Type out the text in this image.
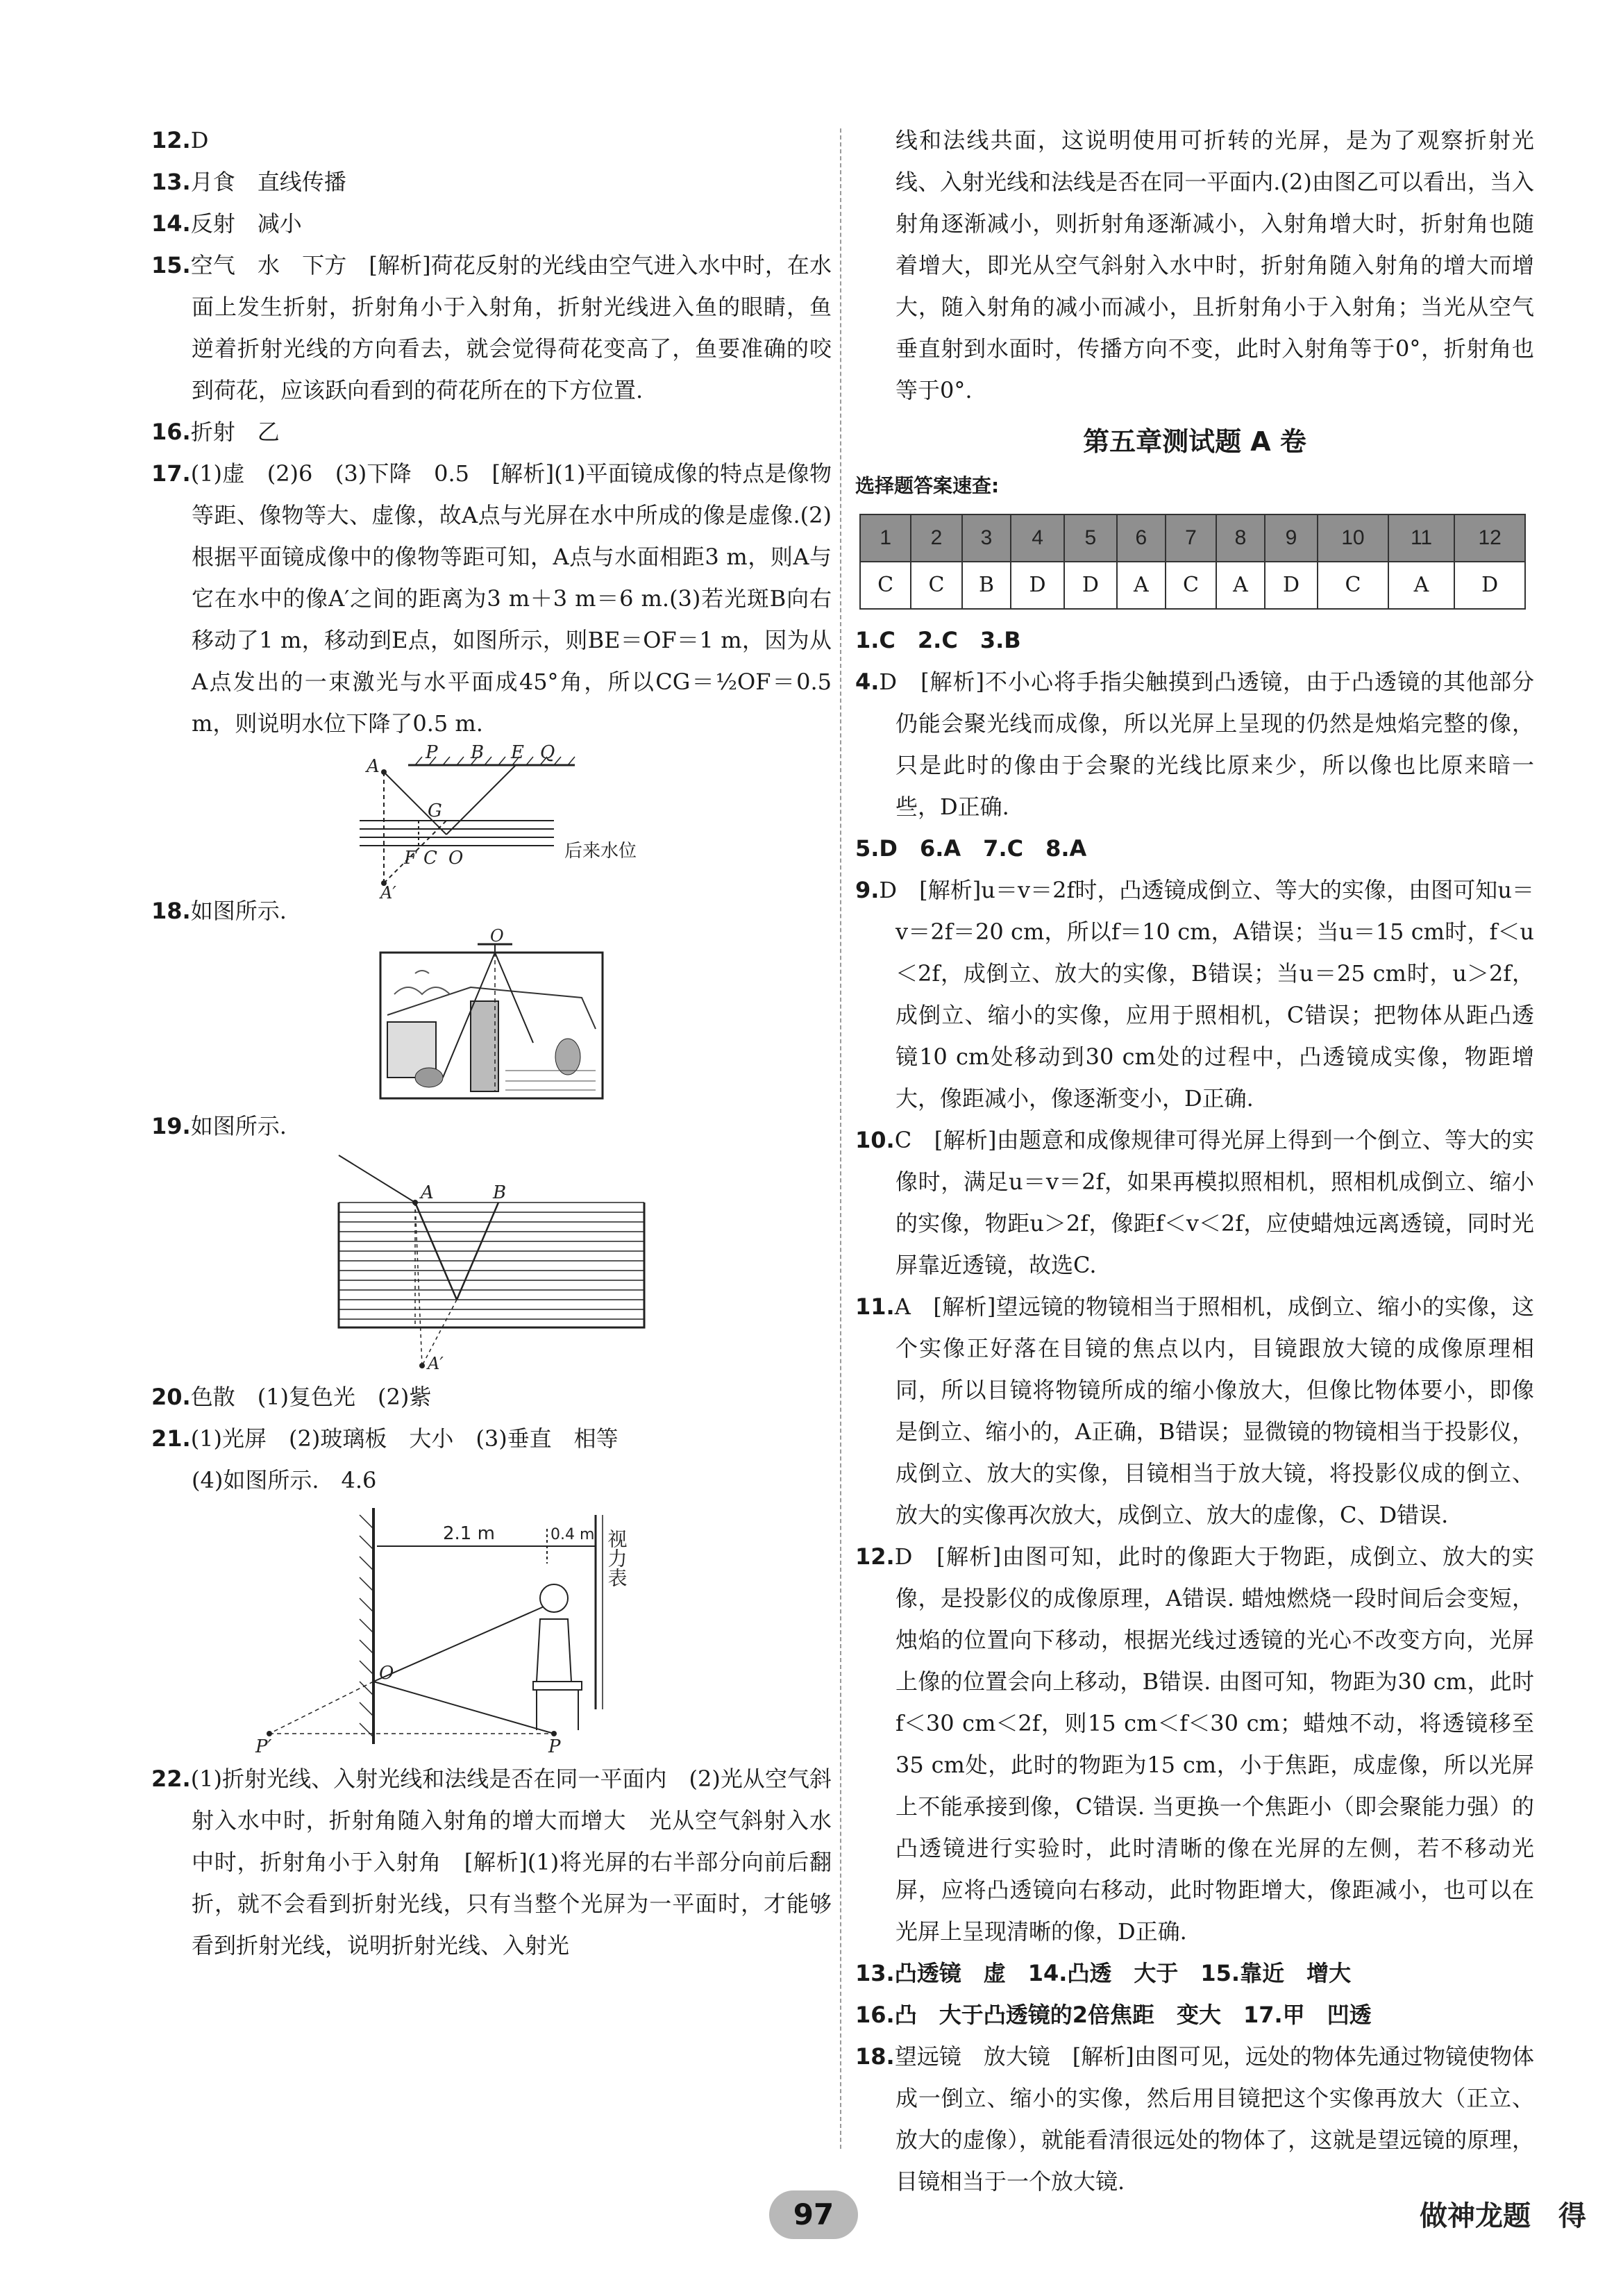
12.D

13.月食　直线传播

14.反射　减小

15.空气　水　下方　[解析]荷花反射的光线由空气进入水中时，在水面上发生折射，折射角小于入射角，折射光线进入鱼的眼睛，鱼逆着折射光线的方向看去，就会觉得荷花变高了，鱼要准确的咬到荷花，应该跃向看到的荷花所在的下方位置.

16.折射　乙

17.(1)虚　(2)6　(3)下降　0.5　[解析](1)平面镜成像的特点是像物等距、像物等大、虚像，故A点与光屏在水中所成的像是虚像.(2)根据平面镜成像中的像物等距可知，A点与水面相距3 m，则A与它在水中的像A′之间的距离为3 m＋3 m＝6 m.(3)若光斑B向右移动了1 m，移动到E点，如图所示，则BE＝OF＝1 m，因为从A点发出的一束激光与水平面成45°角，所以CG＝½OF＝0.5 m，则说明水位下降了0.5 m.

A
P B E Q
G
F C O
A′
后来水位

18.如图所示.

O

19.如图所示.

A	B
A′

20.色散　(1)复色光　(2)紫

21.(1)光屏　(2)玻璃板　大小　(3)垂直　相等

(4)如图所示.　4.6

2.1 m	0.4 m 视力表
O
P
P′

22.(1)折射光线、入射光线和法线是否在同一平面内　(2)光从空气斜射入水中时，折射角随入射角的增大而增大　光从空气斜射入水中时，折射角小于入射角　[解析](1)将光屏的右半部分向前后翻折，就不会看到折射光线，只有当整个光屏为一平面时，才能够看到折射光线，说明折射光线、入射光

线和法线共面，这说明使用可折转的光屏，是为了观察折射光线、入射光线和法线是否在同一平面内.(2)由图乙可以看出，当入射角逐渐减小，则折射角逐渐减小，入射角增大时，折射角也随着增大，即光从空气斜射入水中时，折射角随入射角的增大而增大，随入射角的减小而减小，且折射角小于入射角；当光从空气垂直射到水面时，传播方向不变，此时入射角等于0°，折射角也等于0°.

第五章测试题 A 卷
选择题答案速查:
1	2	3	4	5	6	7	8	9	10	11	12
C	C	B	D	D	A	C	A	D	C	A	D

1.C　2.C　3.B

4.D　[解析]不小心将手指尖触摸到凸透镜，由于凸透镜的其他部分仍能会聚光线而成像，所以光屏上呈现的仍然是烛焰完整的像，只是此时的像由于会聚的光线比原来少，所以像也比原来暗一些，D正确.

5.D　6.A　7.C　8.A

9.D　[解析]u＝v＝2f时，凸透镜成倒立、等大的实像，由图可知u＝v＝2f＝20 cm，所以f＝10 cm，A错误；当u＝15 cm时，f＜u＜2f，成倒立、放大的实像，B错误；当u＝25 cm时，u＞2f，成倒立、缩小的实像，应用于照相机，C错误；把物体从距凸透镜10 cm处移动到30 cm处的过程中，凸透镜成实像，物距增大，像距减小，像逐渐变小，D正确.

10.C　[解析]由题意和成像规律可得光屏上得到一个倒立、等大的实像时，满足u＝v＝2f，如果再模拟照相机，照相机成倒立、缩小的实像，物距u＞2f，像距f＜v＜2f，应使蜡烛远离透镜，同时光屏靠近透镜，故选C.

11.A　[解析]望远镜的物镜相当于照相机，成倒立、缩小的实像，这个实像正好落在目镜的焦点以内，目镜跟放大镜的成像原理相同，所以目镜将物镜所成的缩小像放大，但像比物体要小，即像是倒立、缩小的，A正确，B错误；显微镜的物镜相当于投影仪，成倒立、放大的实像，目镜相当于放大镜，将投影仪成的倒立、放大的实像再次放大，成倒立、放大的虚像，C、D错误.

12.D　[解析]由图可知，此时的像距大于物距，成倒立、放大的实像，是投影仪的成像原理，A错误. 蜡烛燃烧一段时间后会变短，烛焰的位置向下移动，根据光线过透镜的光心不改变方向，光屏上像的位置会向上移动，B错误. 由图可知，物距为30 cm，此时f＜30 cm＜2f，则15 cm＜f＜30 cm；蜡烛不动，将透镜移至35 cm处，此时的物距为15 cm，小于焦距，成虚像，所以光屏上不能承接到像，C错误. 当更换一个焦距小（即会聚能力强）的凸透镜进行实验时，此时清晰的像在光屏的左侧，若不移动光屏，应将凸透镜向右移动，此时物距增大，像距减小，也可以在光屏上呈现清晰的像，D正确.

13.凸透镜　虚　14.凸透　大于　15.靠近　增大

16.凸　大于凸透镜的2倍焦距　变大　17.甲　凹透

18.望远镜　放大镜　[解析]由图可见，远处的物体先通过物镜使物体成一倒立、缩小的实像，然后用目镜把这个实像再放大（正立、放大的虚像），就能看清很远处的物体了，这就是望远镜的原理，目镜相当于一个放大镜.

97	做神龙题　得
